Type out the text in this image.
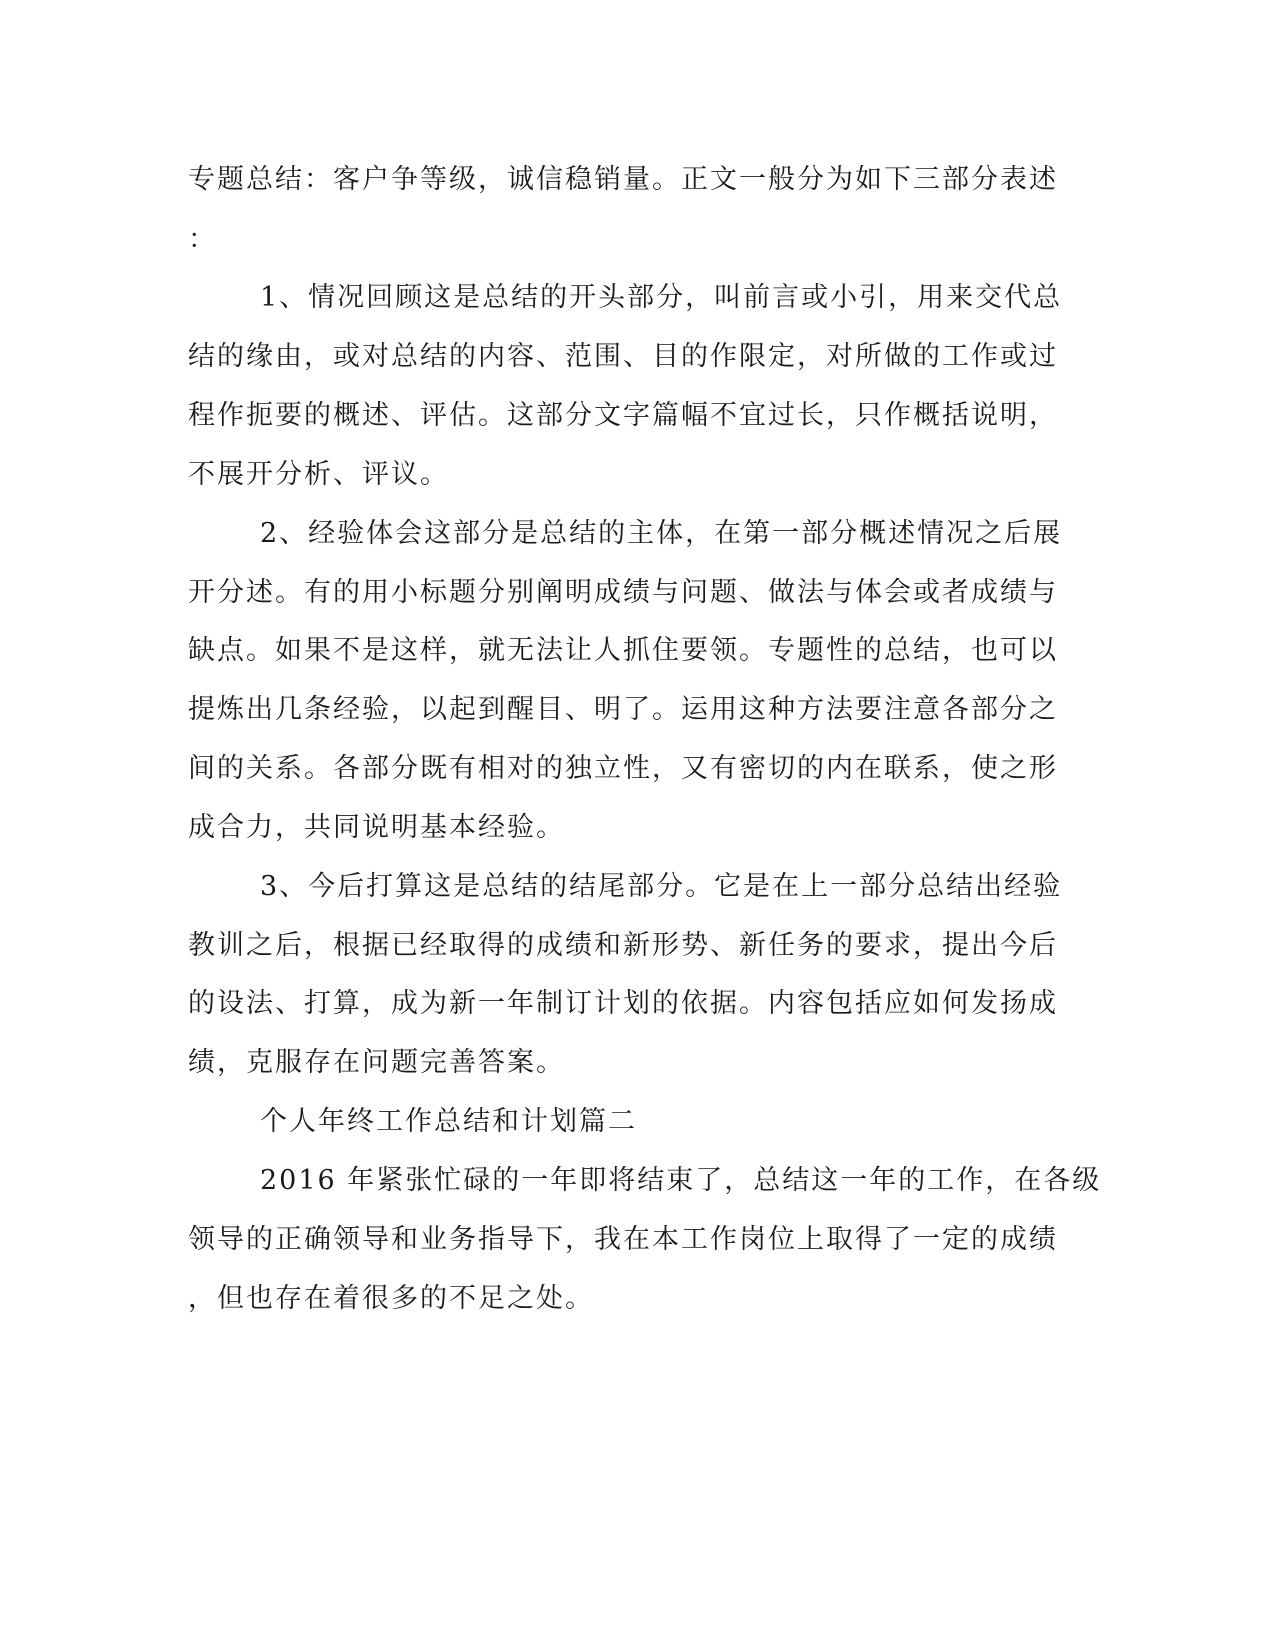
专题总结：客户争等级，诚信稳销量。正文一般分为如下三部分表述

：

1、情况回顾这是总结的开头部分，叫前言或小引，用来交代总

结的缘由，或对总结的内容、范围、目的作限定，对所做的工作或过

程作扼要的概述、评估。这部分文字篇幅不宜过长，只作概括说明，

不展开分析、评议。

2、经验体会这部分是总结的主体，在第一部分概述情况之后展

开分述。有的用小标题分别阐明成绩与问题、做法与体会或者成绩与

缺点。如果不是这样，就无法让人抓住要领。专题性的总结，也可以

提炼出几条经验，以起到醒目、明了。运用这种方法要注意各部分之

间的关系。各部分既有相对的独立性，又有密切的内在联系，使之形

成合力，共同说明基本经验。

3、今后打算这是总结的结尾部分。它是在上一部分总结出经验

教训之后，根据已经取得的成绩和新形势、新任务的要求，提出今后

的设法、打算，成为新一年制订计划的依据。内容包括应如何发扬成

绩，克服存在问题完善答案。

个人年终工作总结和计划篇二

2016 年紧张忙碌的一年即将结束了，总结这一年的工作，在各级

领导的正确领导和业务指导下，我在本工作岗位上取得了一定的成绩

，但也存在着很多的不足之处。
